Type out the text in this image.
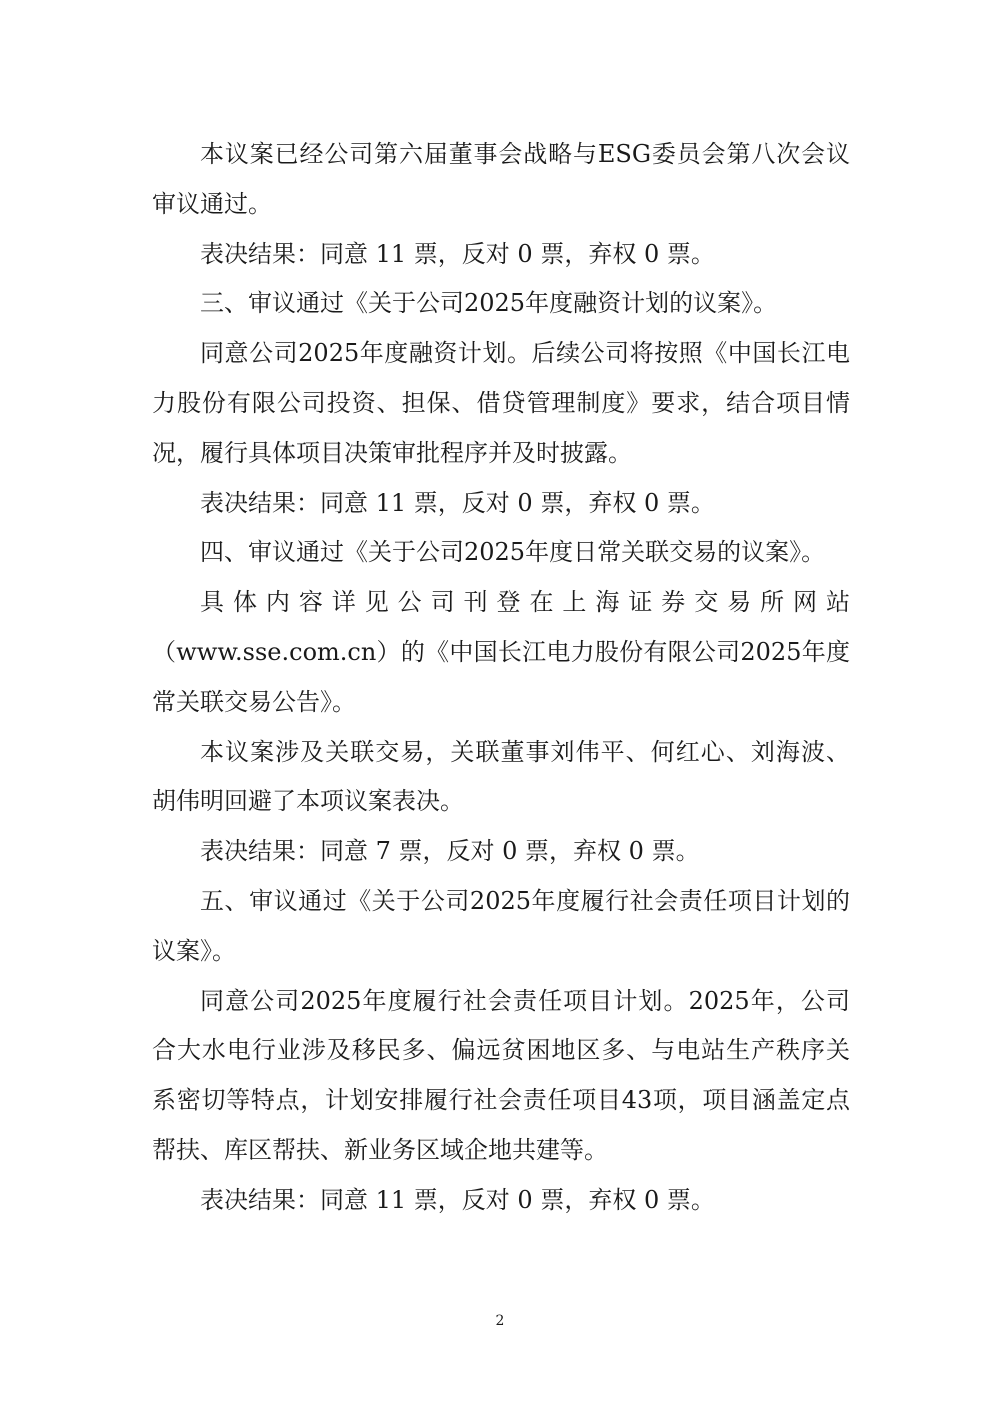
本议案已经公司第六届董事会战略与ESG委员会第八次会议
审议通过。
表决结果：同意 11 票，反对 0 票，弃权 0 票。
三、审议通过《关于公司2025年度融资计划的议案》。
同意公司2025年度融资计划。后续公司将按照《中国长江电
力股份有限公司投资、担保、借贷管理制度》要求，结合项目情
况，履行具体项目决策审批程序并及时披露。
表决结果：同意 11 票，反对 0 票，弃权 0 票。
四、审议通过《关于公司2025年度日常关联交易的议案》。
具体内容详见公司刊登在上海证券交易所网站
（www.sse.com.cn）的《中国长江电力股份有限公司2025年度
常关联交易公告》。
本议案涉及关联交易，关联董事刘伟平、何红心、刘海波、
胡伟明回避了本项议案表决。
表决结果：同意 7 票，反对 0 票，弃权 0 票。
五、审议通过《关于公司2025年度履行社会责任项目计划的
议案》。
同意公司2025年度履行社会责任项目计划。2025年，公司
合大水电行业涉及移民多、偏远贫困地区多、与电站生产秩序关
系密切等特点，计划安排履行社会责任项目43项，项目涵盖定点
帮扶、库区帮扶、新业务区域企地共建等。
表决结果：同意 11 票，反对 0 票，弃权 0 票。
2
